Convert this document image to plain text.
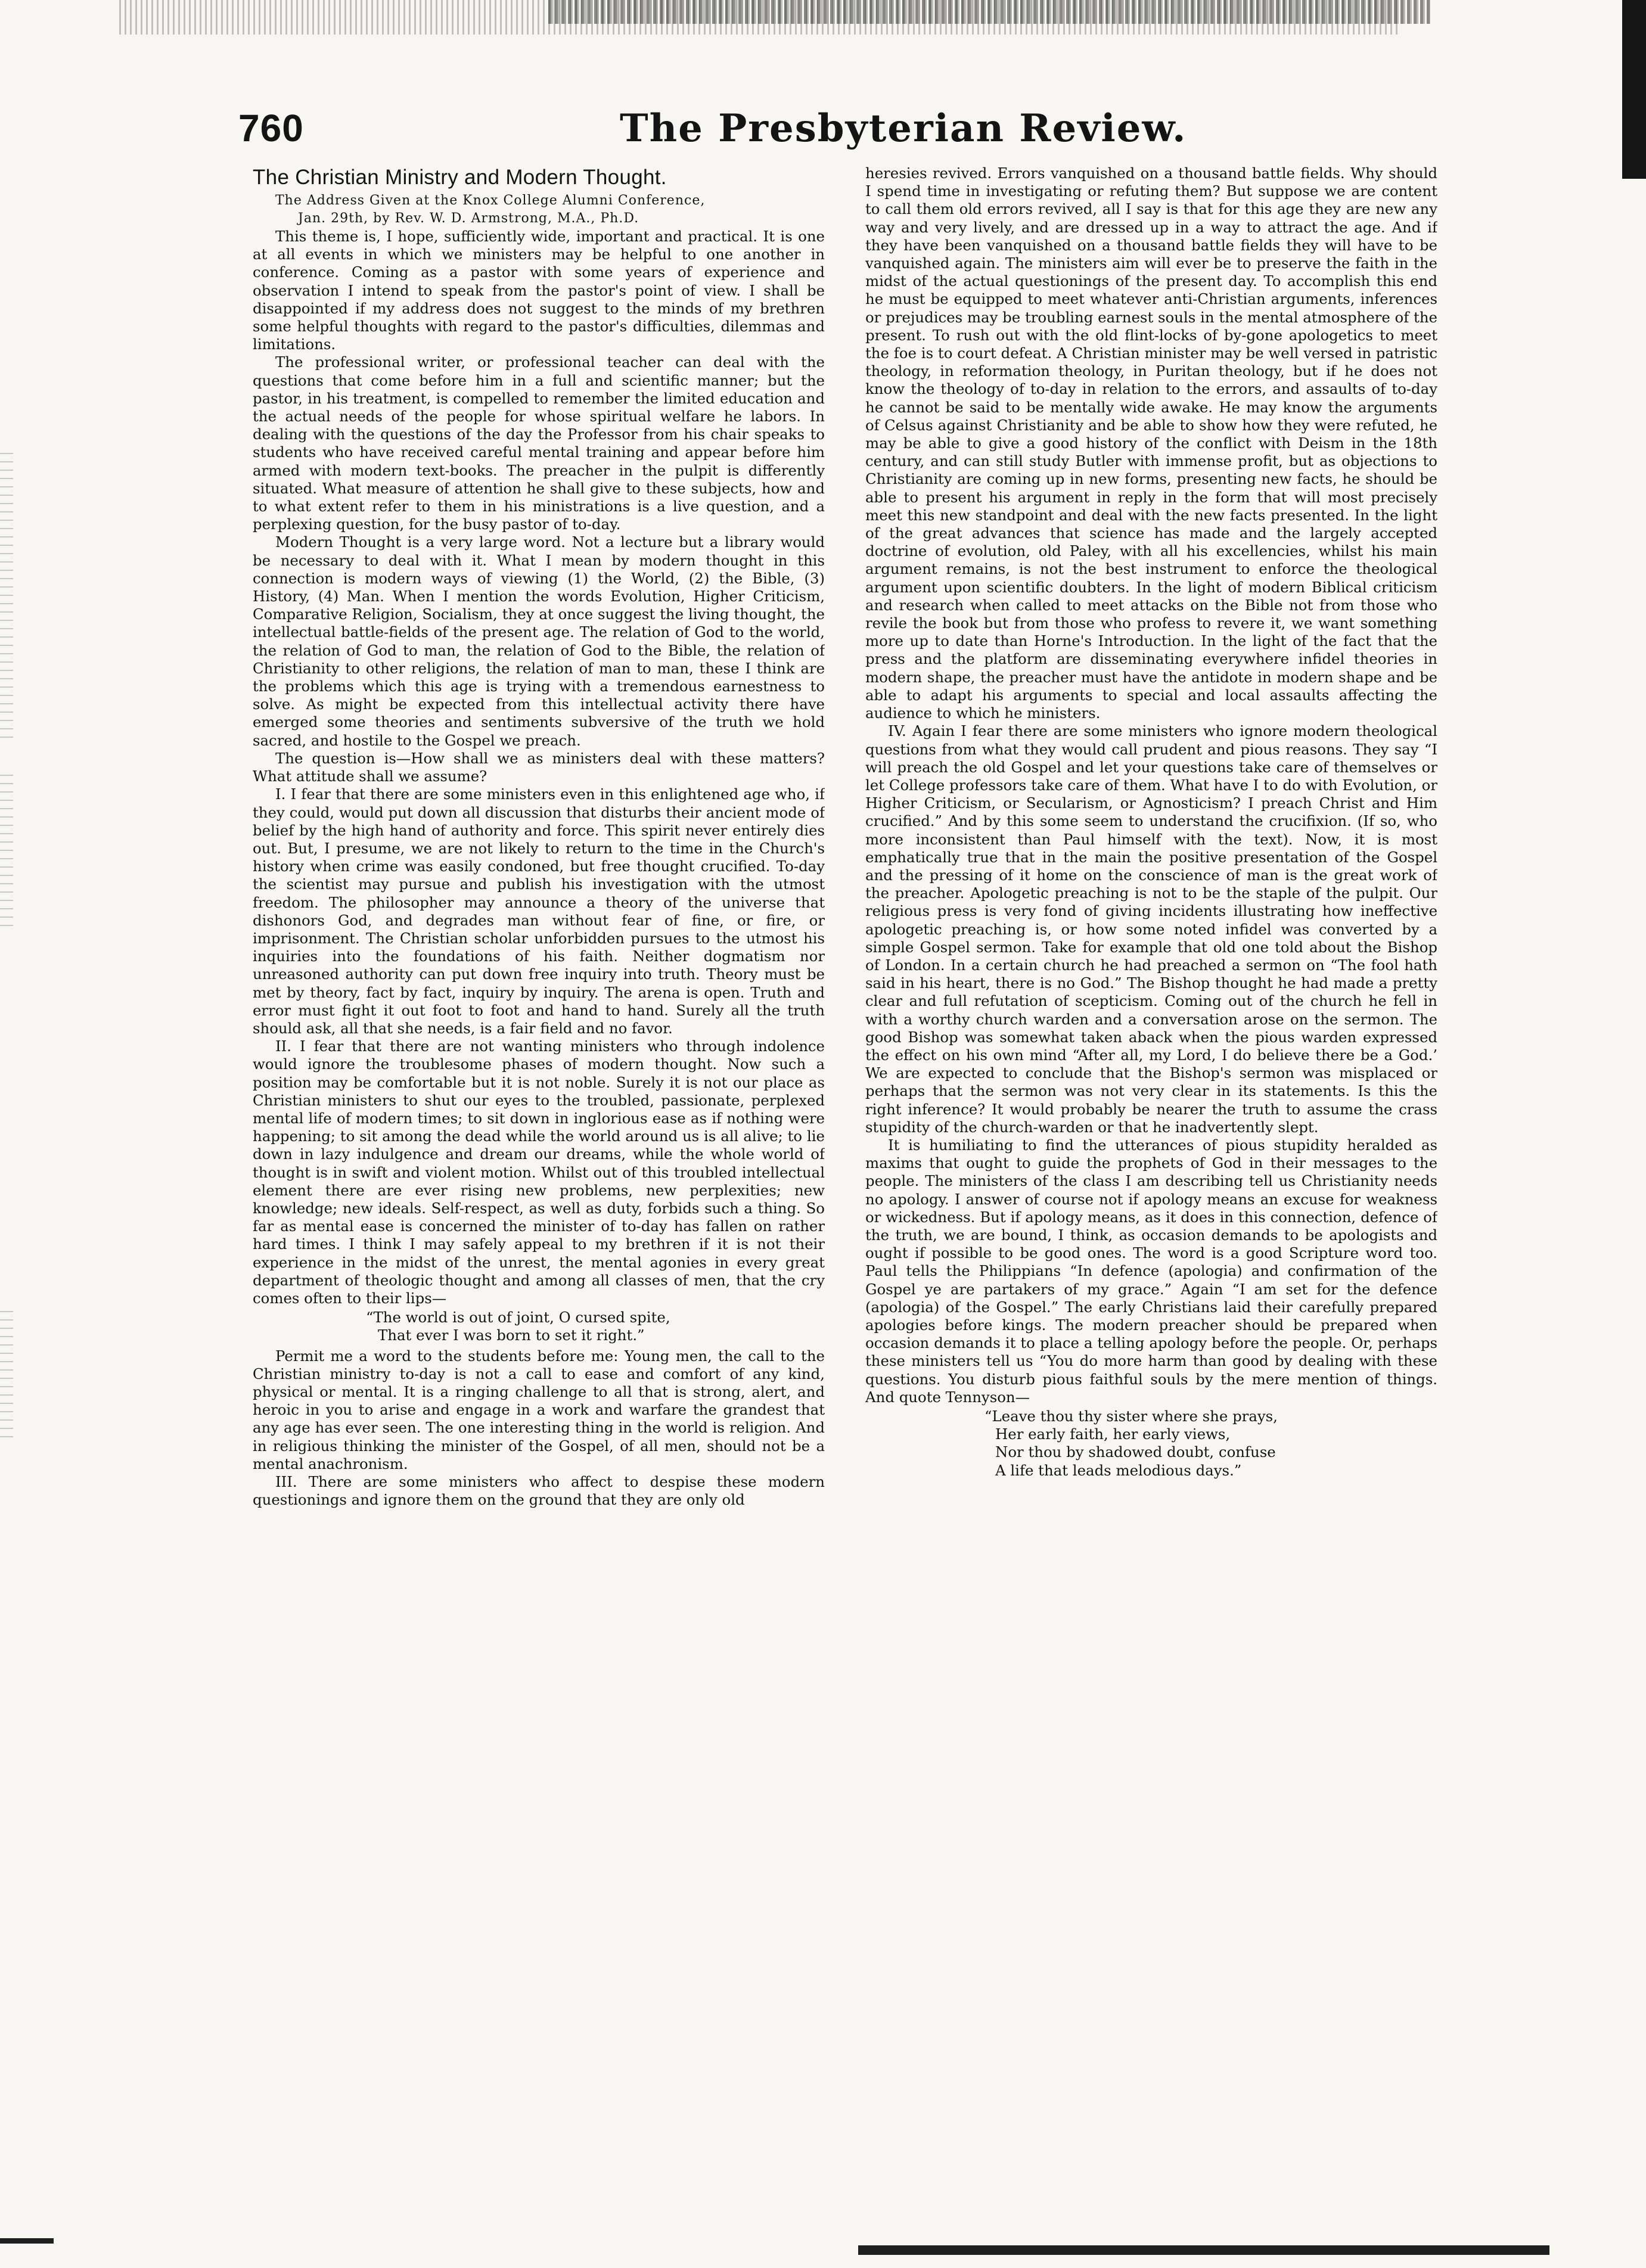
760	The Presbyterian Review.
The Christian Ministry and Modern Thought.

The Address Given at the Knox College Alumni Conference,

Jan. 29th, by Rev. W. D. Armstrong, M.A., Ph.D.

This theme is, I hope, sufficiently wide, important and practical. It is one at all events in which we ministers may be helpful to one another in conference. Coming as a pastor with some years of experience and observation I intend to speak from the pastor's point of view. I shall be disappointed if my address does not suggest to the minds of my brethren some helpful thoughts with regard to the pastor's difficulties, dilemmas and limitations.

The professional writer, or professional teacher can deal with the questions that come before him in a full and scientific manner; but the pastor, in his treatment, is compelled to remember the limited education and the actual needs of the people for whose spiritual welfare he labors. In dealing with the questions of the day the Professor from his chair speaks to students who have received careful mental training and appear before him armed with modern text-books. The preacher in the pulpit is differently situated. What measure of attention he shall give to these subjects, how and to what extent refer to them in his ministrations is a live question, and a perplexing question, for the busy pastor of to-day.

Modern Thought is a very large word. Not a lecture but a library would be necessary to deal with it. What I mean by modern thought in this connection is modern ways of viewing (1) the World, (2) the Bible, (3) History, (4) Man. When I mention the words Evolution, Higher Criticism, Comparative Religion, Socialism, they at once suggest the living thought, the intellectual battle-fields of the present age. The relation of God to the world, the relation of God to man, the relation of God to the Bible, the relation of Christianity to other religions, the relation of man to man, these I think are the problems which this age is trying with a tremendous earnestness to solve. As might be expected from this intellectual activity there have emerged some theories and sentiments subversive of the truth we hold sacred, and hostile to the Gospel we preach.

The question is—How shall we as ministers deal with these matters? What attitude shall we assume?

I. I fear that there are some ministers even in this enlightened age who, if they could, would put down all discussion that disturbs their ancient mode of belief by the high hand of authority and force. This spirit never entirely dies out. But, I presume, we are not likely to return to the time in the Church's history when crime was easily condoned, but free thought crucified. To-day the scientist may pursue and publish his investigation with the utmost freedom. The philosopher may announce a theory of the universe that dishonors God, and degrades man without fear of fine, or fire, or imprisonment. The Christian scholar unforbidden pursues to the utmost his inquiries into the foundations of his faith. Neither dogmatism nor unreasoned authority can put down free inquiry into truth. Theory must be met by theory, fact by fact, inquiry by inquiry. The arena is open. Truth and error must fight it out foot to foot and hand to hand. Surely all the truth should ask, all that she needs, is a fair field and no favor.

II. I fear that there are not wanting ministers who through indolence would ignore the troublesome phases of modern thought. Now such a position may be comfortable but it is not noble. Surely it is not our place as Christian ministers to shut our eyes to the troubled, passionate, perplexed mental life of modern times; to sit down in inglorious ease as if nothing were happening; to sit among the dead while the world around us is all alive; to lie down in lazy indulgence and dream our dreams, while the whole world of thought is in swift and violent motion. Whilst out of this troubled intellectual element there are ever rising new problems, new perplexities; new knowledge; new ideals. Self-respect, as well as duty, forbids such a thing. So far as mental ease is concerned the minister of to-day has fallen on rather hard times. I think I may safely appeal to my brethren if it is not their experience in the midst of the unrest, the mental agonies in every great department of theologic thought and among all classes of men, that the cry comes often to their lips—

“The world is out of joint, O cursed spite,
That ever I was born to set it right.”

Permit me a word to the students before me: Young men, the call to the Christian ministry to-day is not a call to ease and comfort of any kind, physical or mental. It is a ringing challenge to all that is strong, alert, and heroic in you to arise and engage in a work and warfare the grandest that any age has ever seen. The one interesting thing in the world is religion. And in religious thinking the minister of the Gospel, of all men, should not be a mental anachronism.

III. There are some ministers who affect to despise these modern questionings and ignore them on the ground that they are only old

heresies revived. Errors vanquished on a thousand battle fields. Why should I spend time in investigating or refuting them? But suppose we are content to call them old errors revived, all I say is that for this age they are new any way and very lively, and are dressed up in a way to attract the age. And if they have been vanquished on a thousand battle fields they will have to be vanquished again. The ministers aim will ever be to preserve the faith in the midst of the actual questionings of the present day. To accomplish this end he must be equipped to meet whatever anti-Christian arguments, inferences or prejudices may be troubling earnest souls in the mental atmosphere of the present. To rush out with the old flint-locks of by-gone apologetics to meet the foe is to court defeat. A Christian minister may be well versed in patristic theology, in reformation theology, in Puritan theology, but if he does not know the theology of to-day in relation to the errors, and assaults of to-day he cannot be said to be mentally wide awake. He may know the arguments of Celsus against Christianity and be able to show how they were refuted, he may be able to give a good history of the conflict with Deism in the 18th century, and can still study Butler with immense profit, but as objections to Christianity are coming up in new forms, presenting new facts, he should be able to present his argument in reply in the form that will most precisely meet this new standpoint and deal with the new facts presented. In the light of the great advances that science has made and the largely accepted doctrine of evolution, old Paley, with all his excellencies, whilst his main argument remains, is not the best instrument to enforce the theological argument upon scientific doubters. In the light of modern Biblical criticism and research when called to meet attacks on the Bible not from those who revile the book but from those who profess to revere it, we want something more up to date than Horne's Introduction. In the light of the fact that the press and the platform are disseminating everywhere infidel theories in modern shape, the preacher must have the antidote in modern shape and be able to adapt his arguments to special and local assaults affecting the audience to which he ministers.

IV. Again I fear there are some ministers who ignore modern theological questions from what they would call prudent and pious reasons. They say “I will preach the old Gospel and let your questions take care of themselves or let College professors take care of them. What have I to do with Evolution, or Higher Criticism, or Secularism, or Agnosticism? I preach Christ and Him crucified.” And by this some seem to understand the crucifixion. (If so, who more inconsistent than Paul himself with the text). Now, it is most emphatically true that in the main the positive presentation of the Gospel and the pressing of it home on the conscience of man is the great work of the preacher. Apologetic preaching is not to be the staple of the pulpit. Our religious press is very fond of giving incidents illustrating how ineffective apologetic preaching is, or how some noted infidel was converted by a simple Gospel sermon. Take for example that old one told about the Bishop of London. In a certain church he had preached a sermon on “The fool hath said in his heart, there is no God.” The Bishop thought he had made a pretty clear and full refutation of scepticism. Coming out of the church he fell in with a worthy church warden and a conversation arose on the sermon. The good Bishop was somewhat taken aback when the pious warden expressed the effect on his own mind “After all, my Lord, I do believe there be a God.’ We are expected to conclude that the Bishop's sermon was misplaced or perhaps that the sermon was not very clear in its statements. Is this the right inference? It would probably be nearer the truth to assume the crass stupidity of the church-warden or that he inadvertently slept.

It is humiliating to find the utterances of pious stupidity heralded as maxims that ought to guide the prophets of God in their messages to the people. The ministers of the class I am describing tell us Christianity needs no apology. I answer of course not if apology means an excuse for weakness or wickedness. But if apology means, as it does in this connection, defence of the truth, we are bound, I think, as occasion demands to be apologists and ought if possible to be good ones. The word is a good Scripture word too. Paul tells the Philippians “In defence (apologia) and confirmation of the Gospel ye are partakers of my grace.” Again “I am set for the defence (apologia) of the Gospel.” The early Christians laid their carefully prepared apologies before kings. The modern preacher should be prepared when occasion demands it to place a telling apology before the people. Or, perhaps these ministers tell us “You do more harm than good by dealing with these questions. You disturb pious faithful souls by the mere mention of things. And quote Tennyson—

“Leave thou thy sister where she prays,
Her early faith, her early views,
Nor thou by shadowed doubt, confuse
A life that leads melodious days.”
